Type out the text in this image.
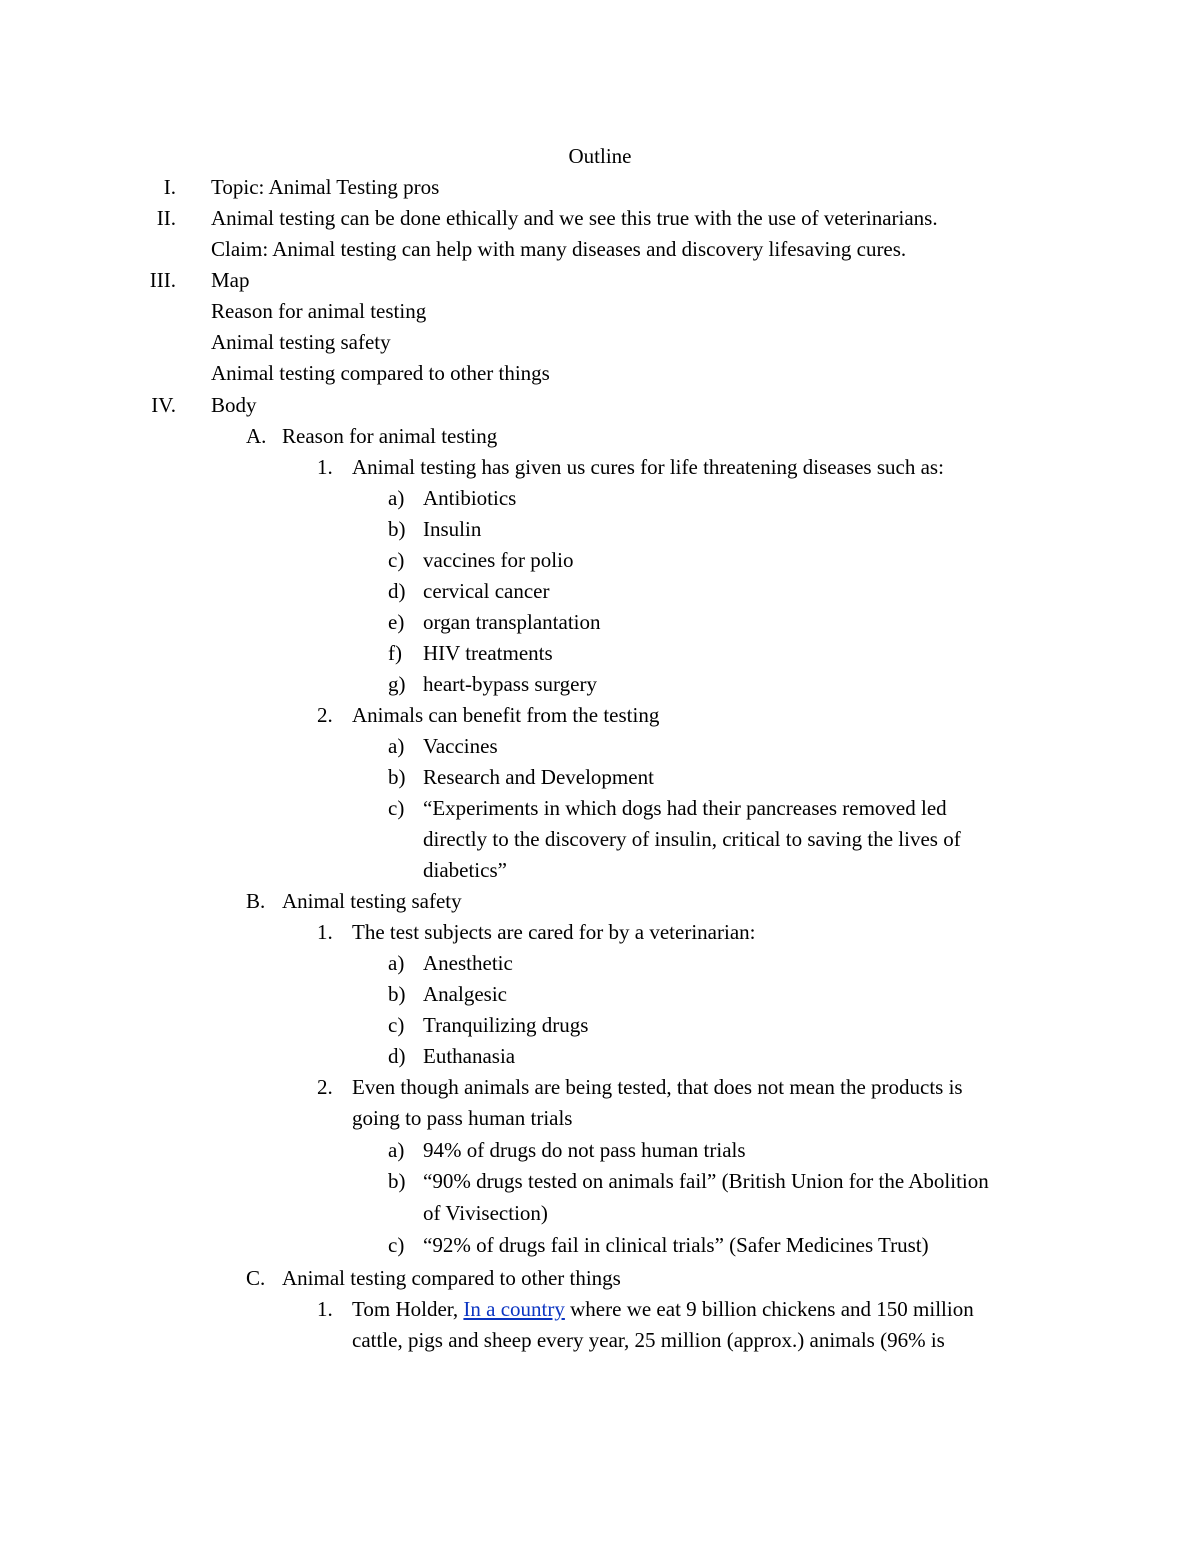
Outline
I. Topic: Animal Testing pros
II. Animal testing can be done ethically and we see this true with the use of veterinarians.
Claim: Animal testing can help with many diseases and discovery lifesaving cures.
III. Map
Reason for animal testing
Animal testing safety
Animal testing compared to other things
IV. Body
A. Reason for animal testing
1. Animal testing has given us cures for life threatening diseases such as:
a) Antibiotics
b) Insulin
c) vaccines for polio
d) cervical cancer
e) organ transplantation
f) HIV treatments
g) heart-bypass surgery
2. Animals can benefit from the testing
a) Vaccines
b) Research and Development
c) “Experiments in which dogs had their pancreases removed led
directly to the discovery of insulin, critical to saving the lives of
diabetics”
B. Animal testing safety
1. The test subjects are cared for by a veterinarian:
a) Anesthetic
b) Analgesic
c) Tranquilizing drugs
d) Euthanasia
2. Even though animals are being tested, that does not mean the products is
going to pass human trials
a) 94% of drugs do not pass human trials
b) “90% drugs tested on animals fail” (British Union for the Abolition
of Vivisection)
c) “92% of drugs fail in clinical trials” (Safer Medicines Trust)
C. Animal testing compared to other things
1. Tom Holder, In a country where we eat 9 billion chickens and 150 million
cattle, pigs and sheep every year, 25 million (approx.) animals (96% is
